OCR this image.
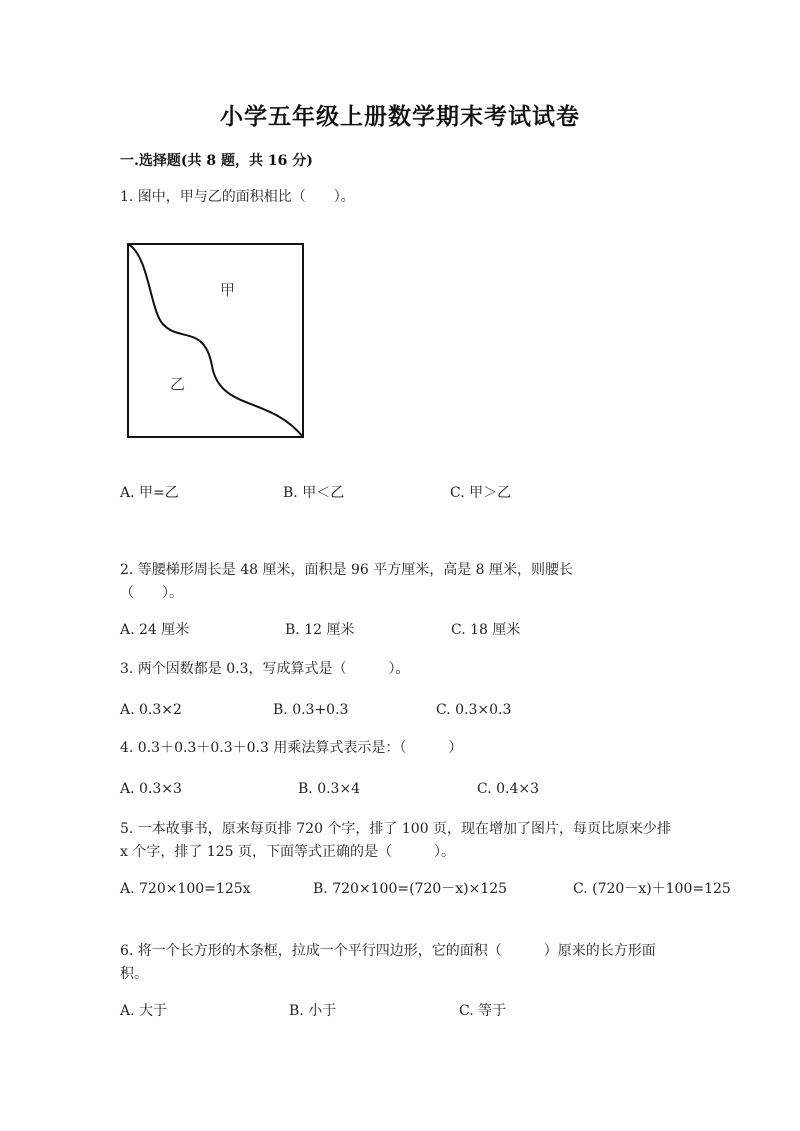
小学五年级上册数学期末考试试卷
一.选择题(共 8 题，共 16 分)
1. 图中，甲与乙的面积相比（　　）。
甲
乙
A. 甲=乙	B. 甲＜乙	C. 甲＞乙
2. 等腰梯形周长是 48 厘米，面积是 96 平方厘米，高是 8 厘米，则腰长（　　）。
A. 24 厘米	B. 12 厘米	C. 18 厘米
3. 两个因数都是 0.3，写成算式是（　　　）。
A. 0.3×2	B. 0.3+0.3	C. 0.3×0.3
4. 0.3＋0.3＋0.3＋0.3 用乘法算式表示是：（　　　）
A. 0.3×3	B. 0.3×4	C. 0.4×3
5. 一本故事书，原来每页排 720 个字，排了 100 页，现在增加了图片，每页比原来少排 x 个字，排了 125 页，下面等式正确的是（　　　）。
A. 720×100=125x	B. 720×100=(720－x)×125	C. (720－x)＋100=125
6. 将一个长方形的木条框，拉成一个平行四边形，它的面积（　　　）原来的长方形面积。
A. 大于	B. 小于	C. 等于
